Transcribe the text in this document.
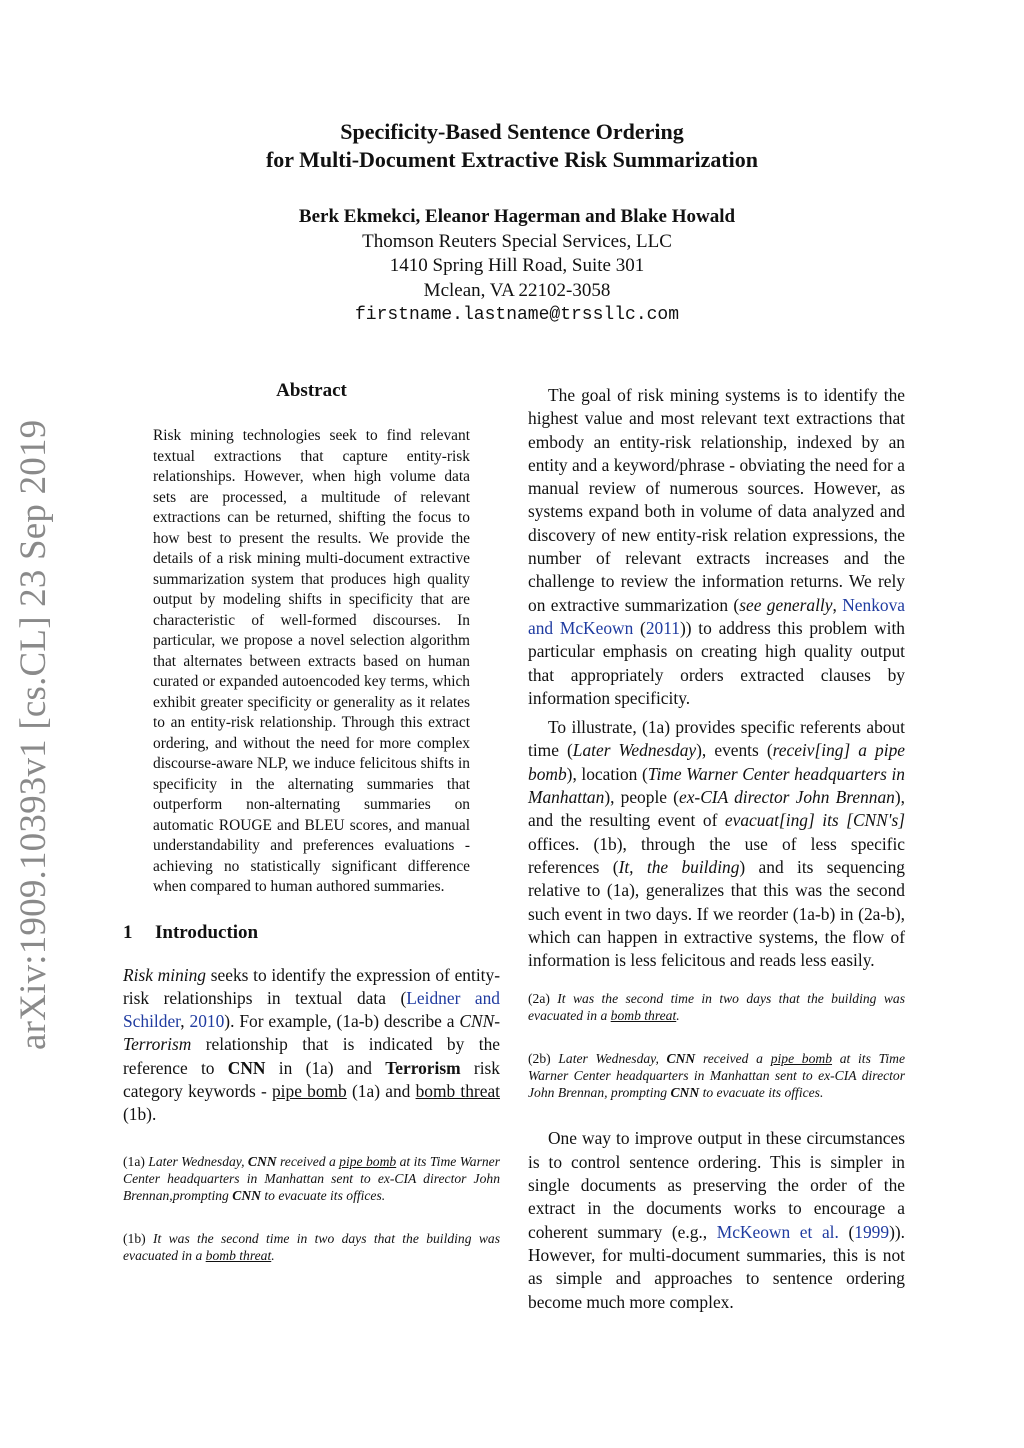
Specificity-Based Sentence Ordering
for Multi-Document Extractive Risk Summarization
Berk Ekmekci, Eleanor Hagerman and Blake Howald
Thomson Reuters Special Services, LLC
1410 Spring Hill Road, Suite 301
Mclean, VA 22102-3058
firstname.lastname@trssllc.com
arXiv:1909.10393v1 [cs.CL] 23 Sep 2019
Abstract

Risk mining technologies seek to find relevant textual extractions that capture entity-risk relationships. However, when high volume data sets are processed, a multitude of relevant extractions can be returned, shifting the focus to how best to present the results. We provide the details of a risk mining multi-document extractive summarization system that produces high quality output by modeling shifts in specificity that are characteristic of well-formed discourses. In particular, we propose a novel selection algorithm that alternates between extracts based on human curated or expanded autoencoded key terms, which exhibit greater specificity or generality as it relates to an entity-risk relationship. Through this extract ordering, and without the need for more complex discourse-aware NLP, we induce felicitous shifts in specificity in the alternating summaries that outperform non-alternating summaries on automatic ROUGE and BLEU scores, and manual understandability and preferences evaluations - achieving no statistically significant difference when compared to human authored summaries.

1 Introduction

Risk mining seeks to identify the expression of entity-risk relationships in textual data (Leidner and Schilder, 2010). For example, (1a-b) describe a CNN-Terrorism relationship that is indicated by the reference to CNN in (1a) and Terrorism risk category keywords - pipe bomb (1a) and bomb threat (1b).

(1a) Later Wednesday, CNN received a pipe bomb at its Time Warner Center headquarters in Manhattan sent to ex-CIA director John Brennan,prompting CNN to evacuate its offices.

(1b) It was the second time in two days that the building was evacuated in a bomb threat.

The goal of risk mining systems is to identify the highest value and most relevant text extractions that embody an entity-risk relationship, indexed by an entity and a keyword/phrase - obviating the need for a manual review of numerous sources. However, as systems expand both in volume of data analyzed and discovery of new entity-risk relation expressions, the number of relevant extracts increases and the challenge to review the information returns. We rely on extractive summarization (see generally, Nenkova and McKeown (2011)) to address this problem with particular emphasis on creating high quality output that appropriately orders extracted clauses by information specificity.

To illustrate, (1a) provides specific referents about time (Later Wednesday), events (receiv[ing] a pipe bomb), location (Time Warner Center headquarters in Manhattan), people (ex-CIA director John Brennan), and the resulting event of evacuat[ing] its [CNN's] offices. (1b), through the use of less specific references (It, the building) and its sequencing relative to (1a), generalizes that this was the second such event in two days. If we reorder (1a-b) in (2a-b), which can happen in extractive systems, the flow of information is less felicitous and reads less easily.

(2a) It was the second time in two days that the building was evacuated in a bomb threat.

(2b) Later Wednesday, CNN received a pipe bomb at its Time Warner Center headquarters in Manhattan sent to ex-CIA director John Brennan, prompting CNN to evacuate its offices.

One way to improve output in these circumstances is to control sentence ordering. This is simpler in single documents as preserving the order of the extract in the documents works to encourage a coherent summary (e.g., McKeown et al. (1999)). However, for multi-document summaries, this is not as simple and approaches to sentence ordering become much more complex.
